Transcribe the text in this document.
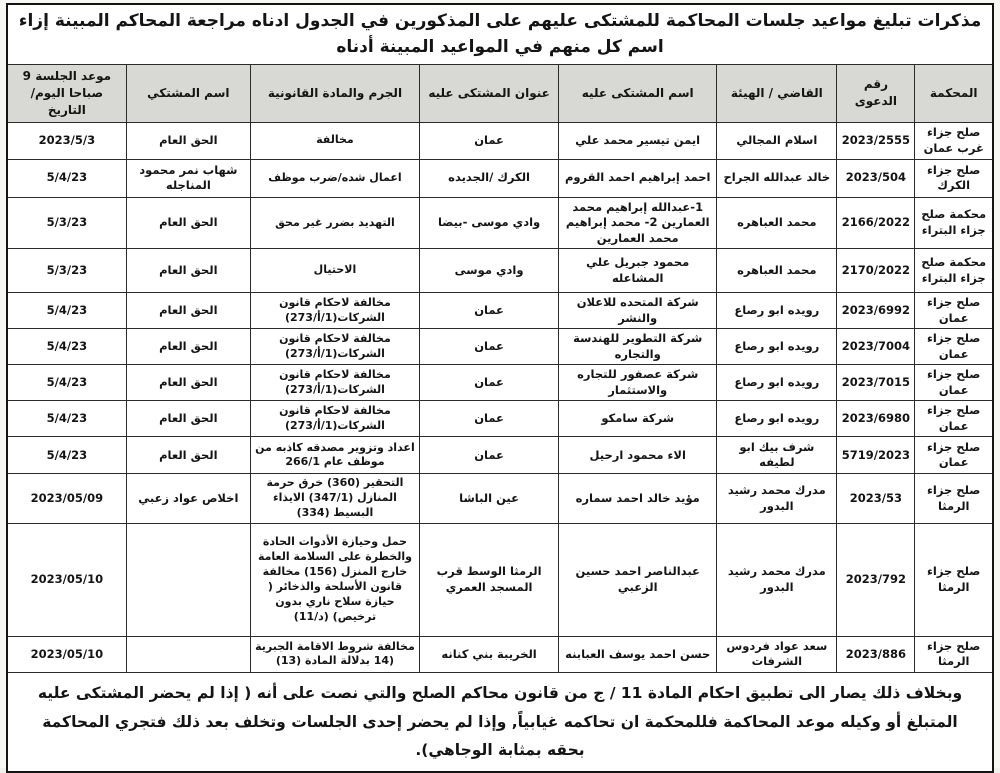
مذكرات تبليغ مواعيد جلسات المحاكمة للمشتكى عليهم على المذكورين في الجدول ادناه مراجعة المحاكم المبينة إزاء اسم كل منهم في المواعيد المبينة أدناه							
المحكمة	رقم الدعوى	القاضي / الهيئة	اسم المشتكى عليه	عنوان المشتكى عليه	الجرم والمادة القانونية	اسم المشتكي	موعد الجلسة 9 صباحا اليوم/التاريخ
صلح جزاء غرب عمان	2023/2555	اسلام المجالي	ايمن تيسير محمد علي	عمان	مخالفة	الحق العام	2023/5/3
صلح جزاء الكرك	2023/504	خالد عبدالله الجراح	احمد إبراهيم احمد القروم	الكرك /الجديده	اعمال شده/ضرب موظف	شهاب نمر محمود المناجله	5/4/23
محكمة صلح جزاء البتراء	2166/2022	محمد العباهره	1-عبدالله إبراهيم محمد العمارين 2- محمد إبراهيم محمد العمارين	وادي موسى -بيضا	التهديد بضرر غير محق	الحق العام	5/3/23
محكمة صلح جزاء البتراء	2170/2022	محمد العباهره	محمود جبريل علي المشاعله	وادي موسى	الاحتيال	الحق العام	5/3/23
صلح جزاء عمان	2023/6992	رويده ابو رصاع	شركة المتحده للاعلان والنشر	عمان	مخالفة لاحكام قانون الشركات(1/أ/273)	الحق العام	5/4/23
صلح جزاء عمان	2023/7004	رويده ابو رصاع	شركة التطوير للهندسة والتجاره	عمان	مخالفة لاحكام قانون الشركات(1/أ/273)	الحق العام	5/4/23
صلح جزاء عمان	2023/7015	رويده ابو رصاع	شركة عصفور للتجاره والاستثمار	عمان	مخالفة لاحكام قانون الشركات(1/أ/273)	الحق العام	5/4/23
صلح جزاء عمان	2023/6980	رويده ابو رصاع	شركة سامكو	عمان	مخالفة لاحكام قانون الشركات(1/أ/273)	الحق العام	5/4/23
صلح جزاء عمان	5719/2023	شرف بيك ابو لطيفه	الاء محمود ارحيل	عمان	اعداد وتزوير مصدقه كاذبه من موظف عام 266/1	الحق العام	5/4/23
صلح جزاء الرمثا	2023/53	مدرك محمد رشيد البدور	مؤيد خالد احمد سماره	عين الباشا	التحقير (360) خرق حرمة المنازل (347/1) الايذاء البسيط (334)	اخلاص عواد زعبي	2023/05/09
صلح جزاء الرمثا	2023/792	مدرك محمد رشيد البدور	عبدالناصر احمد حسين الزعبي	الرمثا الوسط قرب المسجد العمري	حمل وحيازة الأدوات الحادة والخطرة على السلامة العامة خارج المنزل (156) مخالفة قانون الأسلحة والذخائر ( حيازة سلاح ناري بدون ترخيص) (د/11)		2023/05/10
صلح جزاء الرمثا	2023/886	سعد عواد فردوس الشرفات	حسن احمد يوسف العبابنه	الخريبة بني كنانه	مخالفة شروط الاقامة الجبرية (14 بدلالة المادة (13)		2023/05/10
وبخلاف ذلك يصار الى تطبيق احكام المادة 11 / ج من قانون محاكم الصلح والتي نصت على أنه ( إذا لم يحضر المشتكى عليه المتبلغ أو وكيله موعد المحاكمة فللمحكمة ان تحاكمه غيابياً, وإذا لم يحضر إحدى الجلسات وتخلف بعد ذلك فتجري المحاكمة بحقه بمثابة الوجاهي).							
